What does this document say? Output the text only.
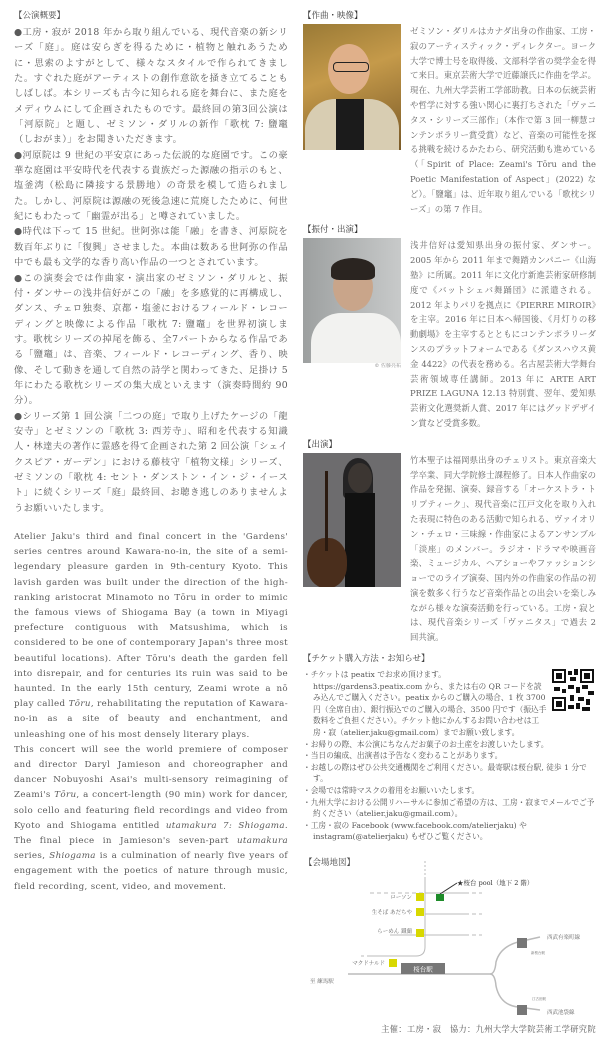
【公演概要】

●工房・寂が 2018 年から取り組んでいる、現代音楽の新シリーズ「庭」。庭は安らぎを得るために・植物と触れあうために・思索のよすがとして、様々なスタイルで作られてきました。すぐれた庭がアーティストの創作意欲を掻き立てることもしばしば。本シリーズも古今に知られる庭を舞台に、また庭をメディウムにして企画されたものです。最終回の第3回公演は「河原院」と題し、ゼミソン・ダリルの新作「歌枕 7: 鹽竈（しおがま）」をお聞きいただきます。

●河原院は 9 世紀の平安京にあった伝説的な庭園です。この豪華な庭園は平安時代を代表する貴族だった源融の指示のもと、塩釜湾（松島に隣接する景勝地）の奇景を模して造られました。しかし、河原院は源融の死後急速に荒廃したために、何世紀にもわたって「幽霊が出る」と噂されていました。

●時代は下って 15 世紀。世阿弥は能「融」を書き、河原院を数百年ぶりに「復興」させました。本曲は数ある世阿弥の作品中でも最も文学的な香り高い作品の一つとされています。

●この演奏会では作曲家・演出家のゼミソン・ダリルと、振付・ダンサーの浅井信好がこの「融」を多感覚的に再構成し、ダンス、チェロ独奏、京都・塩釜におけるフィールド・レコーディングと映像による作品「歌枕 7: 鹽竈」を世界初演します。歌枕シリーズの掉尾を飾る、全7パートからなる作品である「鹽竈」は、音楽、フィールド・レコーディング、香り、映像、そして動きを通して自然の詩学と関わってきた、足掛け 5 年にわたる歌枕シリーズの集大成といえます（演奏時間約 90 分）。

●シリーズ第 1 回公演「二つの庭」で取り上げたケージの「龍安寺」とゼミソンの「歌枕 3: 西芳寺」、昭和を代表する知識人・林達夫の著作に霊感を得て企画された第 2 回公演「シェイクスピア・ガーデン」における藤枝守「植物文様」シリーズ、ゼミソンの「歌枕 4: セント・ダンストン・イン・ジ・イースト」に続くシリーズ「庭」最終回、お聴き逃しのありませんようお願いいたします。

Atelier Jaku's third and final concert in the 'Gardens' series centres around Kawara-no-in, the site of a semi-legendary pleasure garden in 9th-century Kyoto. This lavish garden was built under the direction of the high-ranking aristocrat Minamoto no Tōru in order to mimic the famous views of Shiogama Bay (a town in Miyagi prefecture contiguous with Matsushima, which is considered to be one of contemporary Japan's three most beautiful locations). After Tōru's death the garden fell into disrepair, and for centuries its ruin was said to be haunted. In the early 15th century, Zeami wrote a nō play called Tōru, rehabilitating the reputation of Kawara-no-in as a site of beauty and enchantment, and unleashing one of his most densely literary plays.

This concert will see the world premiere of composer and director Daryl Jamieson and choreographer and dancer Nobuyoshi Asai's multi-sensory reimagining of Zeami's Tōru, a concert-length (90 min) work for dancer, solo cello and featuring field recordings and video from Kyoto and Shiogama entitled utamakura 7: Shiogama. The final piece in Jamieson's seven-part utamakura series, Shiogama is a culmination of nearly five years of engagement with the poetics of nature through music, field recording, scent, video, and movement.

【作曲・映像】

ゼミソン・ダリルはカナダ出身の作曲家、工房・寂のアーティスティック・ディレクター。ヨーク大学で博士号を取得後、文部科学省の奨学金を得て来日。東京芸術大学で近藤譲氏に作曲を学ぶ。現在、九州大学芸術工学部助教。日本の伝統芸術や哲学に対する強い関心に裏打ちされた「ヴァニタス・シリーズ三部作」（本作で第 3 回一柳慧コンテンポラリー賞受賞）など、音楽の可能性を探る挑戦を続けるかたわら、研究活動も進めている（「Spirit of Place: Zeami's Tōru and the Poetic Manifestation of Aspect」(2022) など）。「鹽竈」は、近年取り組んでいる「歌枕シリーズ」の第 7 作目。

【振付・出演】
© 佐藤亮祐

浅井信好は愛知県出身の振付家、ダンサー。2005 年から 2011 年まで舞踏カンパニー《山海塾》に所属。2011 年に文化庁新進芸術家研修制度で《バットシェバ舞踊団》に派遣される。2012 年よりパリを拠点に《PIERRE MIROIR》を主宰。2016 年に日本へ帰国後、《月灯りの移動劇場》を主宰するとともにコンテンポラリーダンスのプラットフォームである《ダンスハウス黄金 4422》の代表を務める。名古屋芸術大学舞台芸術領域専任講師。2013 年に ARTE ART PRIZE LAGUNA 12.13 特別賞、翌年、愛知県芸術文化選奨新人賞、2017 年にはグッドデザイン賞など受賞多数。

【出演】

竹本聖子は福岡県出身のチェリスト。東京音楽大学卒業、同大学院修士課程修了。日本人作曲家の作品を発掘、演奏、録音する「オーケストラ・トリプティーク」、現代音楽に江戸文化を取り入れた表現に特色のある活動で知られる、ヴァイオリン・チェロ・三味線・作曲家によるアンサンブル「淡座」のメンバー。ラジオ・ドラマや映画音楽、ミュージカル、ヘアショーやファッションショーでのライブ演奏、国内外の作曲家の作品の初演を数多く行うなど音楽作品との出会いを楽しみながら様々な演奏活動を行っている。工房・寂とは、現代音楽シリーズ「ヴァニタス」で過去 2 回共演。

【チケット購入方法・お知らせ】
・チケットは peatix でお求め頂けます。https://gardens3.peatix.com から、または右の QR コードを読み込んでご購入ください。peatix からのご購入の場合、1 枚 3700 円（全席自由）、銀行振込でのご購入の場合、3500 円です（振込手数料をご負担ください）。チケット他にかんするお問い合わせは工房・寂（atelier.jaku@gmail.com）までお願い致します。
・お帰りの際、本公演にちなんだお菓子のお土産をお渡しいたします。
・当日の編成、出演者は予告なく変わることがあります。
・お越しの際はぜひ公共交通機関をご利用ください。最寄駅は桜台駅, 徒歩 1 分です。
・会場では常時マスクの着用をお願いいたします。
・九州大学における公開リハーサルに参加ご希望の方は、工房・寂までメールでご予約ください（atelier.jaku@gmail.com）。
・工房・寂の Facebook (www.facebook.com/atelierjaku) や instagram(@atelierjaku) もぜひご覧ください。
【会場地図】
★桜台 pool（地下 2 階）
ローソン
生そば あだちや
らーめん 鐵蘭
マクドナルド
桜台駅
至 練馬駅
西武有楽町線
新桜台駅
江古田駅
西武池袋線
主催：工房・寂　協力：九州大学大学院芸術工学研究院
